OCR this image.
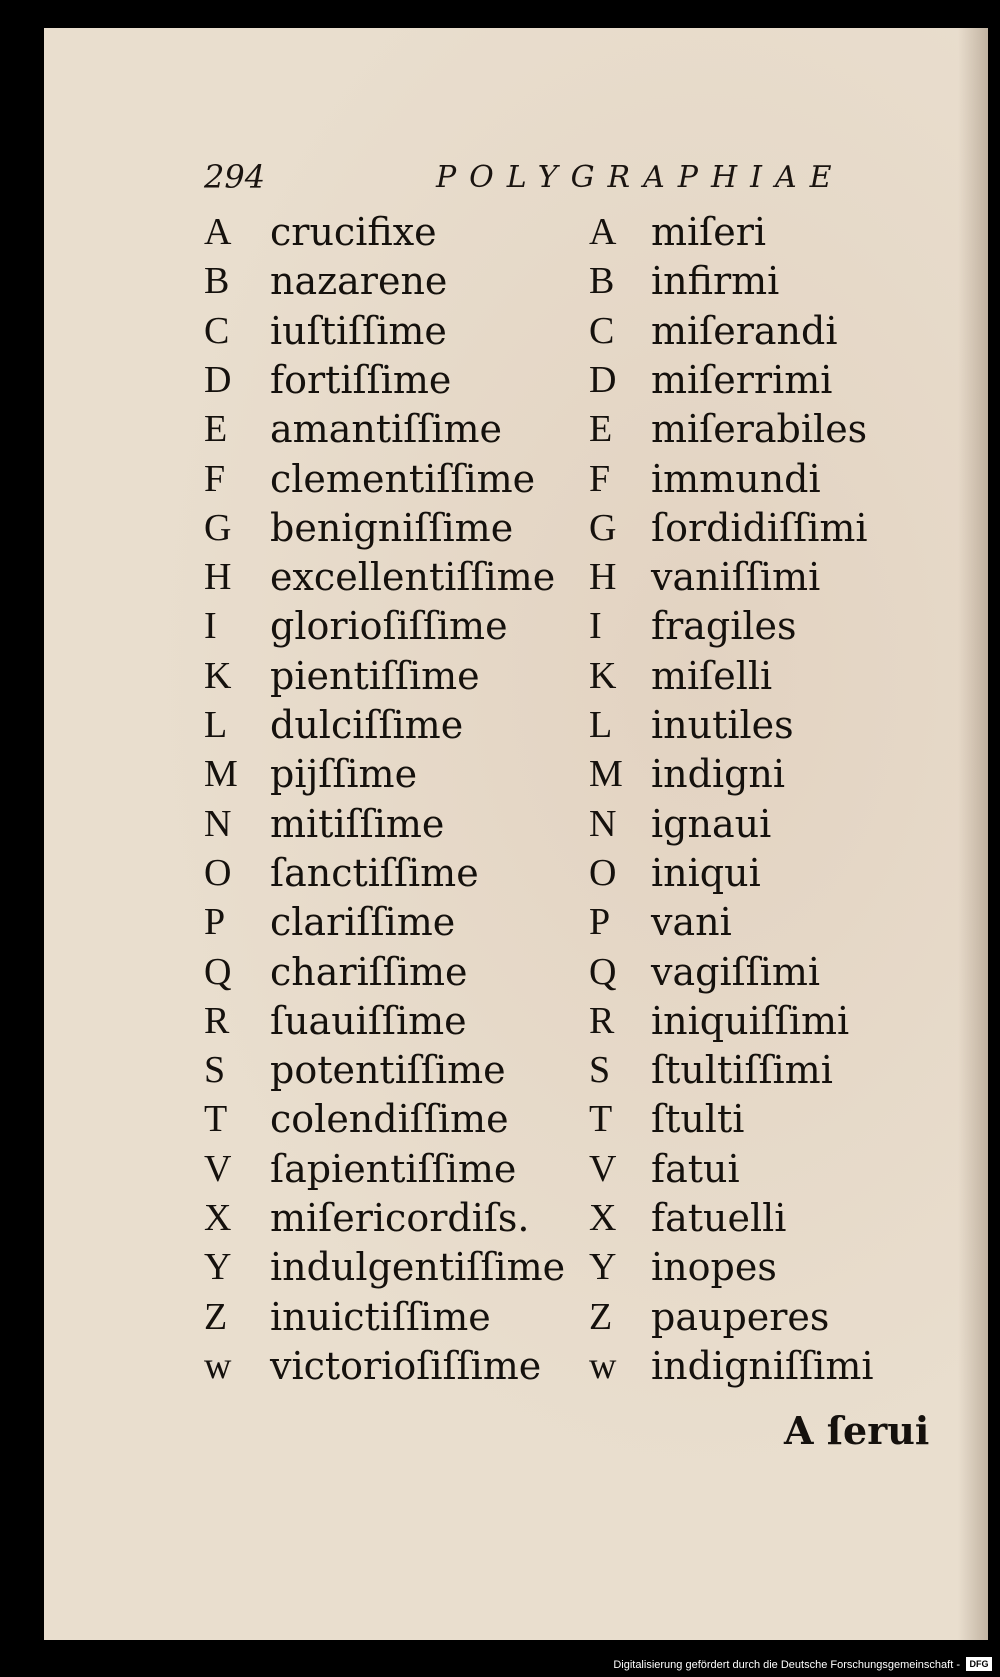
294	POLYGRAPHIAE
A crucifixe
B nazarene
C iuſtiſſime
D fortiſſime
E amantiſſime
F clementiſſime
G benigniſſime
H excellentiſſime
I glorioſiſſime
K pientiſſime
L dulciſſime
M pijſſime
N mitiſſime
O ſanctiſſime
P clariſſime
Q chariſſime
R ſuauiſſime
S potentiſſime
T colendiſſime
V ſapientiſſime
X miſericordiſs.
Y indulgentiſſime
Z inuictiſſime
w victorioſiſſime
A miſeri
B infirmi
C miſerandi
D miſerrimi
E miſerabiles
F immundi
G ſordidiſſimi
H vaniſſimi
I fragiles
K miſelli
L inutiles
M indigni
N ignaui
O iniqui
P vani
Q vagiſſimi
R iniquiſſimi
S ſtultiſſimi
T ſtulti
V fatui
X fatuelli
Y inopes
Z pauperes
w indigniſſimi
A ſerui
Digitalisierung gefördert durch die Deutsche Forschungsgemeinschaft -	DFG
